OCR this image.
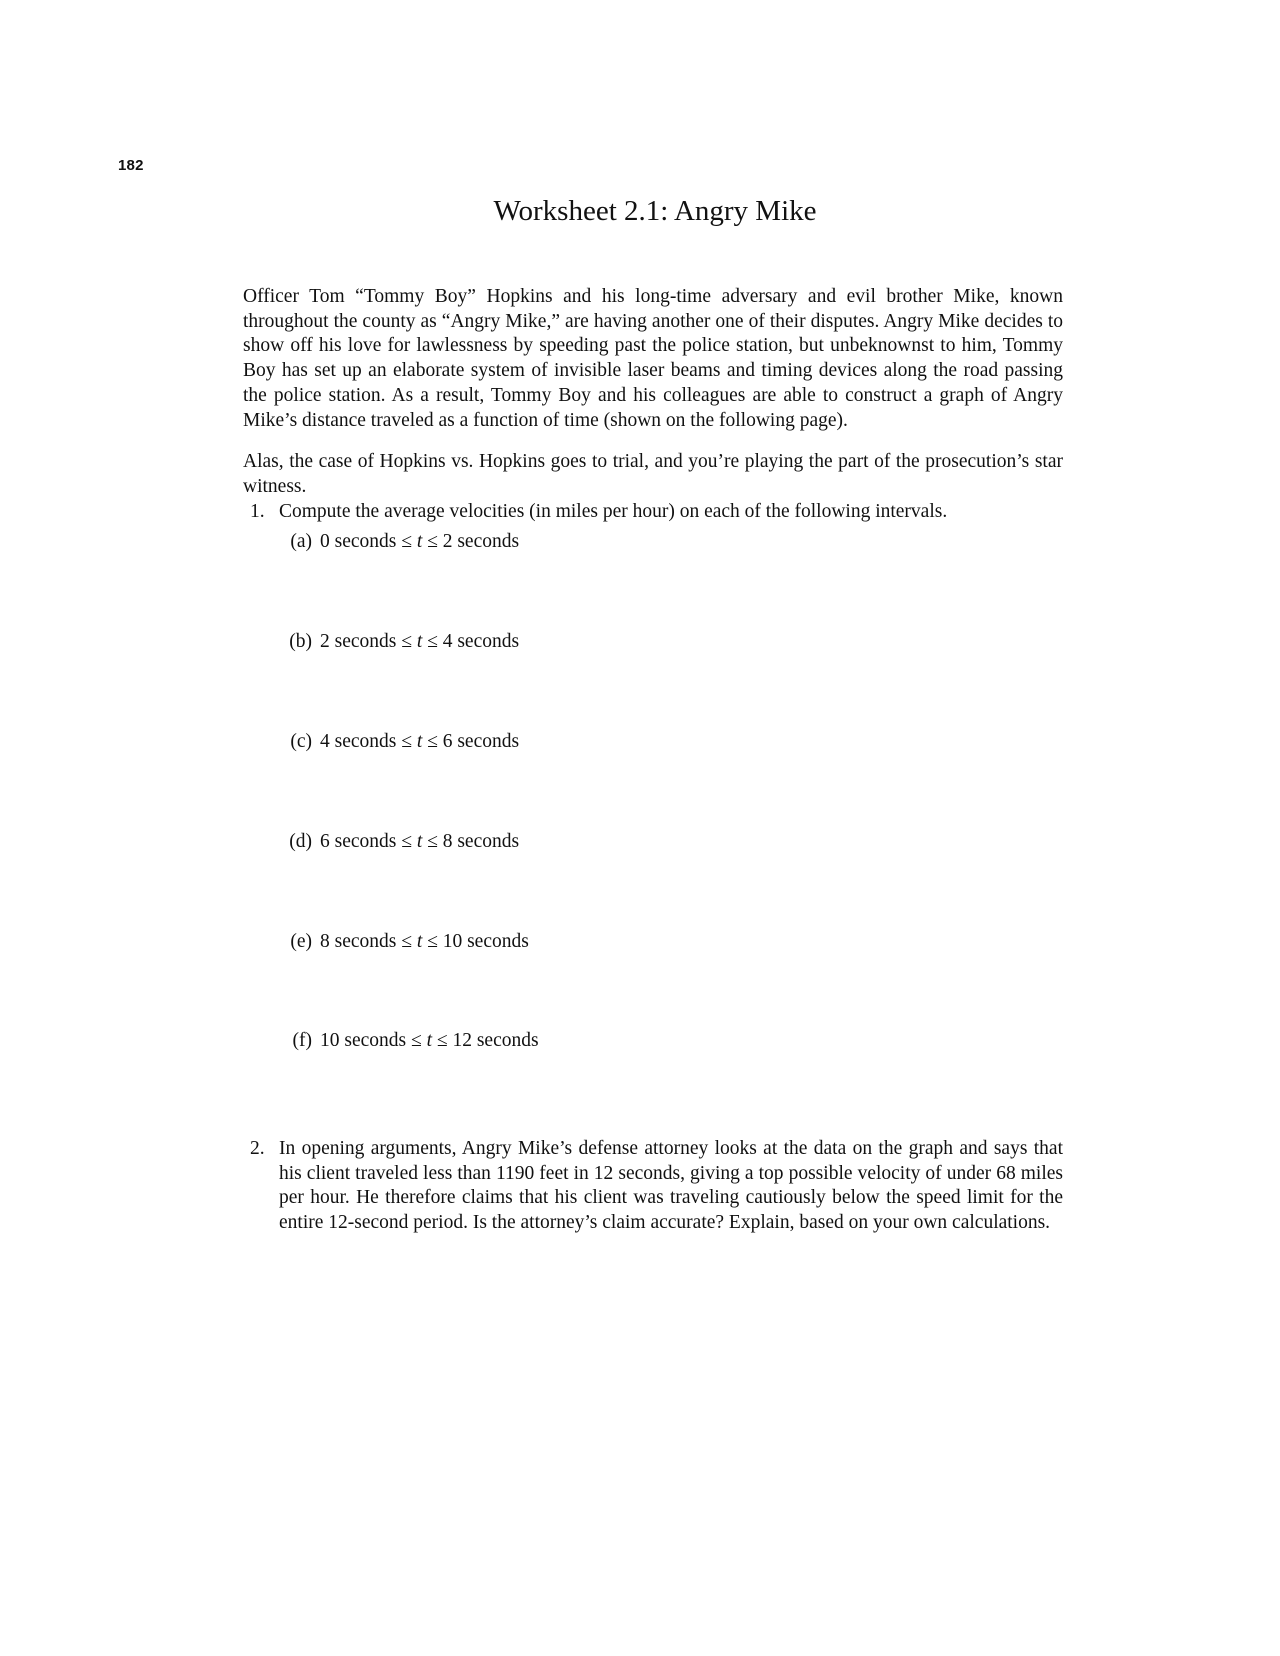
182
Worksheet 2.1: Angry Mike

Officer Tom “Tommy Boy” Hopkins and his long-time adversary and evil brother Mike, known throughout the county as “Angry Mike,” are having another one of their disputes. Angry Mike decides to show off his love for lawlessness by speeding past the police station, but unbeknownst to him, Tommy Boy has set up an elaborate system of invisible laser beams and timing devices along the road passing the police station. As a result, Tommy Boy and his colleagues are able to construct a graph of Angry Mike’s distance traveled as a function of time (shown on the following page).

Alas, the case of Hopkins vs. Hopkins goes to trial, and you’re playing the part of the prosecution’s star witness.

1. Compute the average velocities (in miles per hour) on each of the following intervals.
(a) 0 seconds ≤ t ≤ 2 seconds
(b) 2 seconds ≤ t ≤ 4 seconds
(c) 4 seconds ≤ t ≤ 6 seconds
(d) 6 seconds ≤ t ≤ 8 seconds
(e) 8 seconds ≤ t ≤ 10 seconds
(f) 10 seconds ≤ t ≤ 12 seconds
2. In opening arguments, Angry Mike’s defense attorney looks at the data on the graph and says that his client traveled less than 1190 feet in 12 seconds, giving a top possible velocity of under 68 miles per hour. He therefore claims that his client was traveling cautiously below the speed limit for the entire 12-second period. Is the attorney’s claim accurate? Explain, based on your own calculations.
